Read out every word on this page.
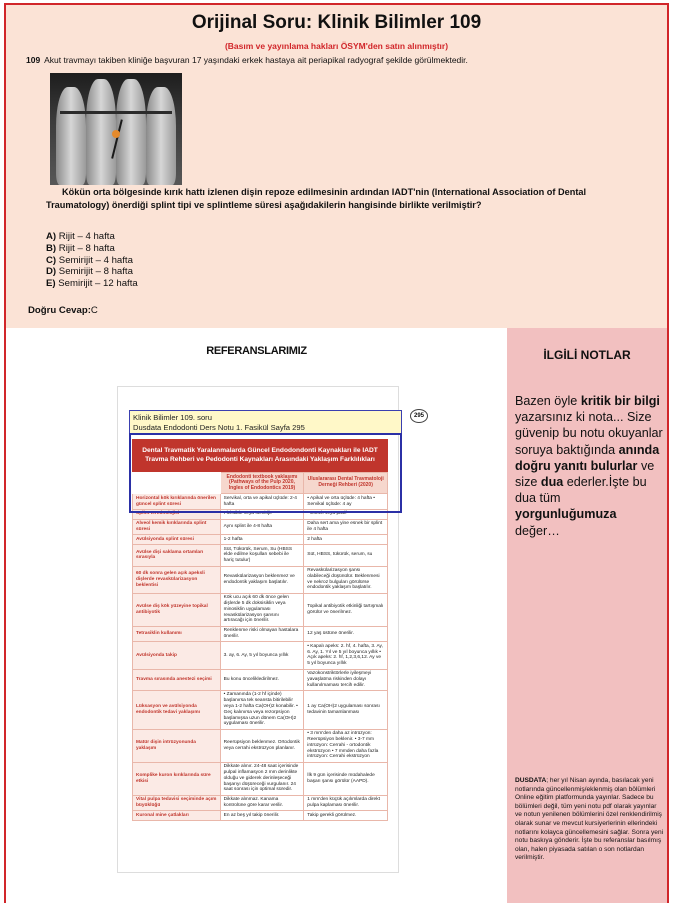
Orijinal Soru: Klinik Bilimler 109
(Basım ve yayınlama hakları ÖSYM'den satın alınmıştır)
109 Akut travmayı takiben kliniğe başvuran 17 yaşındaki erkek hastaya ait periapikal radyograf şekilde görülmektedir.
Kökün orta bölgesinde kırık hattı izlenen dişin repoze edilmesinin ardından IADT'nin (International Association of Dental Traumatology) önerdiği splint tipi ve splintleme süresi aşağıdakilerin hangisinde birlikte verilmiştir?
A) Rijit – 4 hafta
B) Rijit – 8 hafta
C) Semirijit – 4 hafta
D) Semirijit – 8 hafta
E) Semirijit – 12 hafta
Doğru Cevap:C
REFERANSLARIMIZ
Dental Travmatik Yaralanmalarda Güncel Endodondonti Kaynakları ile IADT
Travma Rehberi ve Pedodonti Kaynakları Arasındaki Yaklaşım Farklılıkları
	Endodonti textbook yaklaşımı (Pathways of the Pulp 2020, Ingles of Endodontics 2019)	Uluslararası Dental Travmatoloji Derneği Rehberi (2020)
Horizontal kök kırıklarında önerilen güncel splint süresi	Servikal, orta ve apikal üçlüde: 2-4 hafta	• Apikal ve orta üçlüde: 4 hafta • Servikal üçlüde: 4 ay
Splint terminolojisi	Fleksible veya semirijit	• Esnek veya pasif
Alveol kemik kırıklarında splint süresi	Aynı splint ile 4-8 hafta	Daha sert ama yine esnek bir splint ile 4 hafta
Avülsiyonda splint süresi	1-2 hafta	2 hafta
Avülse dişi saklama ortamları sırasıyla	Süt, Tükürük, Serum, Su (HBSS elde edilme koşulları sebebi ile hariç tutulur)	Süt, HBSS, tükürük, serum, su
60 dk sonra gelen açık apeksli dişlerde revaskülarizasyon beklentisi	Revaskülarizasyon beklenmez ve endodontik yaklaşım başlatılır.	Revaskülarizasyon şansı olabileceği düşünülür. Beklenmesi ve nekroz bulguları görülürse endodontik yaklaşım başlatılır.
Avülse diş kök yüzeyine topikal antibiyotik	Kök ucu açık 60 dk önce gelen dişlerde 5 dk doksisiklin veya minosiklin uygulaması revaskülarizasyon şansını artıracağı için önerilir.	Topikal antibiyotik etkinliği tartışmalı görülür ve önerilmez.
Tetrasiklin kullanımı	Renklenme riski olmayan hastalara önerilir.	12 yaş üstüne önerilir.
Avülsiyonda takip	3. ay, 6. Ay, 5 yıl boyunca yıllık	• Kapalı apeks: 2. hf, 4. hafta, 3. Ay, 6. Ay, 1. Yıl ve 5 yıl boyunca yıllık • Açık apeks: 2. hf, 1,2,3,6,12. Ay ve 5 yıl boyunca yıllık
Travma sırasında anestezi seçimi	Bu konu öncelikledirilmez.	Vazokonstriktörlerle iyileşmeyi yavaşlatma riskinden dolayı kullanılmaması tercih edilir.
Lüksasyon ve avülsiyonda endodontik tedavi yaklaşımı	• Zamanında (1-2 hf içinde) başlanırsa tek seansta bitirilebilir veya 1-2 hafta Ca(OH)2 konabilir. • Geç kalınırsa veya rezorpsiyon başlamışsa uzun dönem Ca(OH)2 uygulaması önerilir.	1 ay Ca(OH)2 uygulaması sonrası tedavinin tamamlanması
Matür dişin intrüzyonunda yaklaşım	Reerüpsiyon beklenmez. Ortodontik veya cerrahi ekstrüzyon planlanır.	• 3 mm'den daha az intrüzyon: Reerüpsiyon beklenir. • 3-7 mm intrüzyon: Cerrahi - ortodontik ekstrüzyon • 7 mmden daha fazla intrüzyon: Cerrahi ekstrüzyon
Komplike kuron kırıklarında süre etkisi	Dikkate alınır. 24-48 saat içerisinde pulpal inflamasyon 2 mm derinlikte olduğu ve giderek derinleşeceği başarıyı düşüreceği vurgulanır. 24 saat sonrası için optimal süredir.	İlk 9 gün içerisinde müdahalede başarı şansı görülür (AAPD).
Vital pulpa tedavisi seçiminde açım büyüklüğü	Dikkate alınmaz. Kanama kontrolüne göre karar verilir.	1 mm'den küçük açılımlarda direkt pulpa kaplaması önerilir.
Kuronal mine çatlakları	En az beş yıl takip önerilir.	Takip gerekli görülmez.
Klinik Bilimler 109. soru
Dusdata Endodonti Ders Notu 1. Fasikül Sayfa 295
295
İLGİLİ NOTLAR
Bazen öyle kritik bir bilgi yazarsınız ki nota... Size güvenip bu notu okuyanlar soruya baktığında anında doğru yanıtı bulurlar ve size dua ederler.İşte bu dua tüm yorgunluğumuza değer…
DUSDATA; her yıl Nisan ayında, basılacak yeni notlarında güncellenmiş/eklenmiş olan bölümleri Online eğitim platformunda yayınlar. Sadece bu bölümleri değil, tüm yeni notu pdf olarak yayınlar ve notun yenilenen bölümlerini özel renklendirilmiş olarak sunar ve mevcut kursiyerlerinin ellerindeki notlarını kolayca güncellemesini sağlar. Sonra yeni notu baskıya gönderir. İşte bu referanslar basılmış olan, halen piyasada satılan o son notlardan verilmiştir.
